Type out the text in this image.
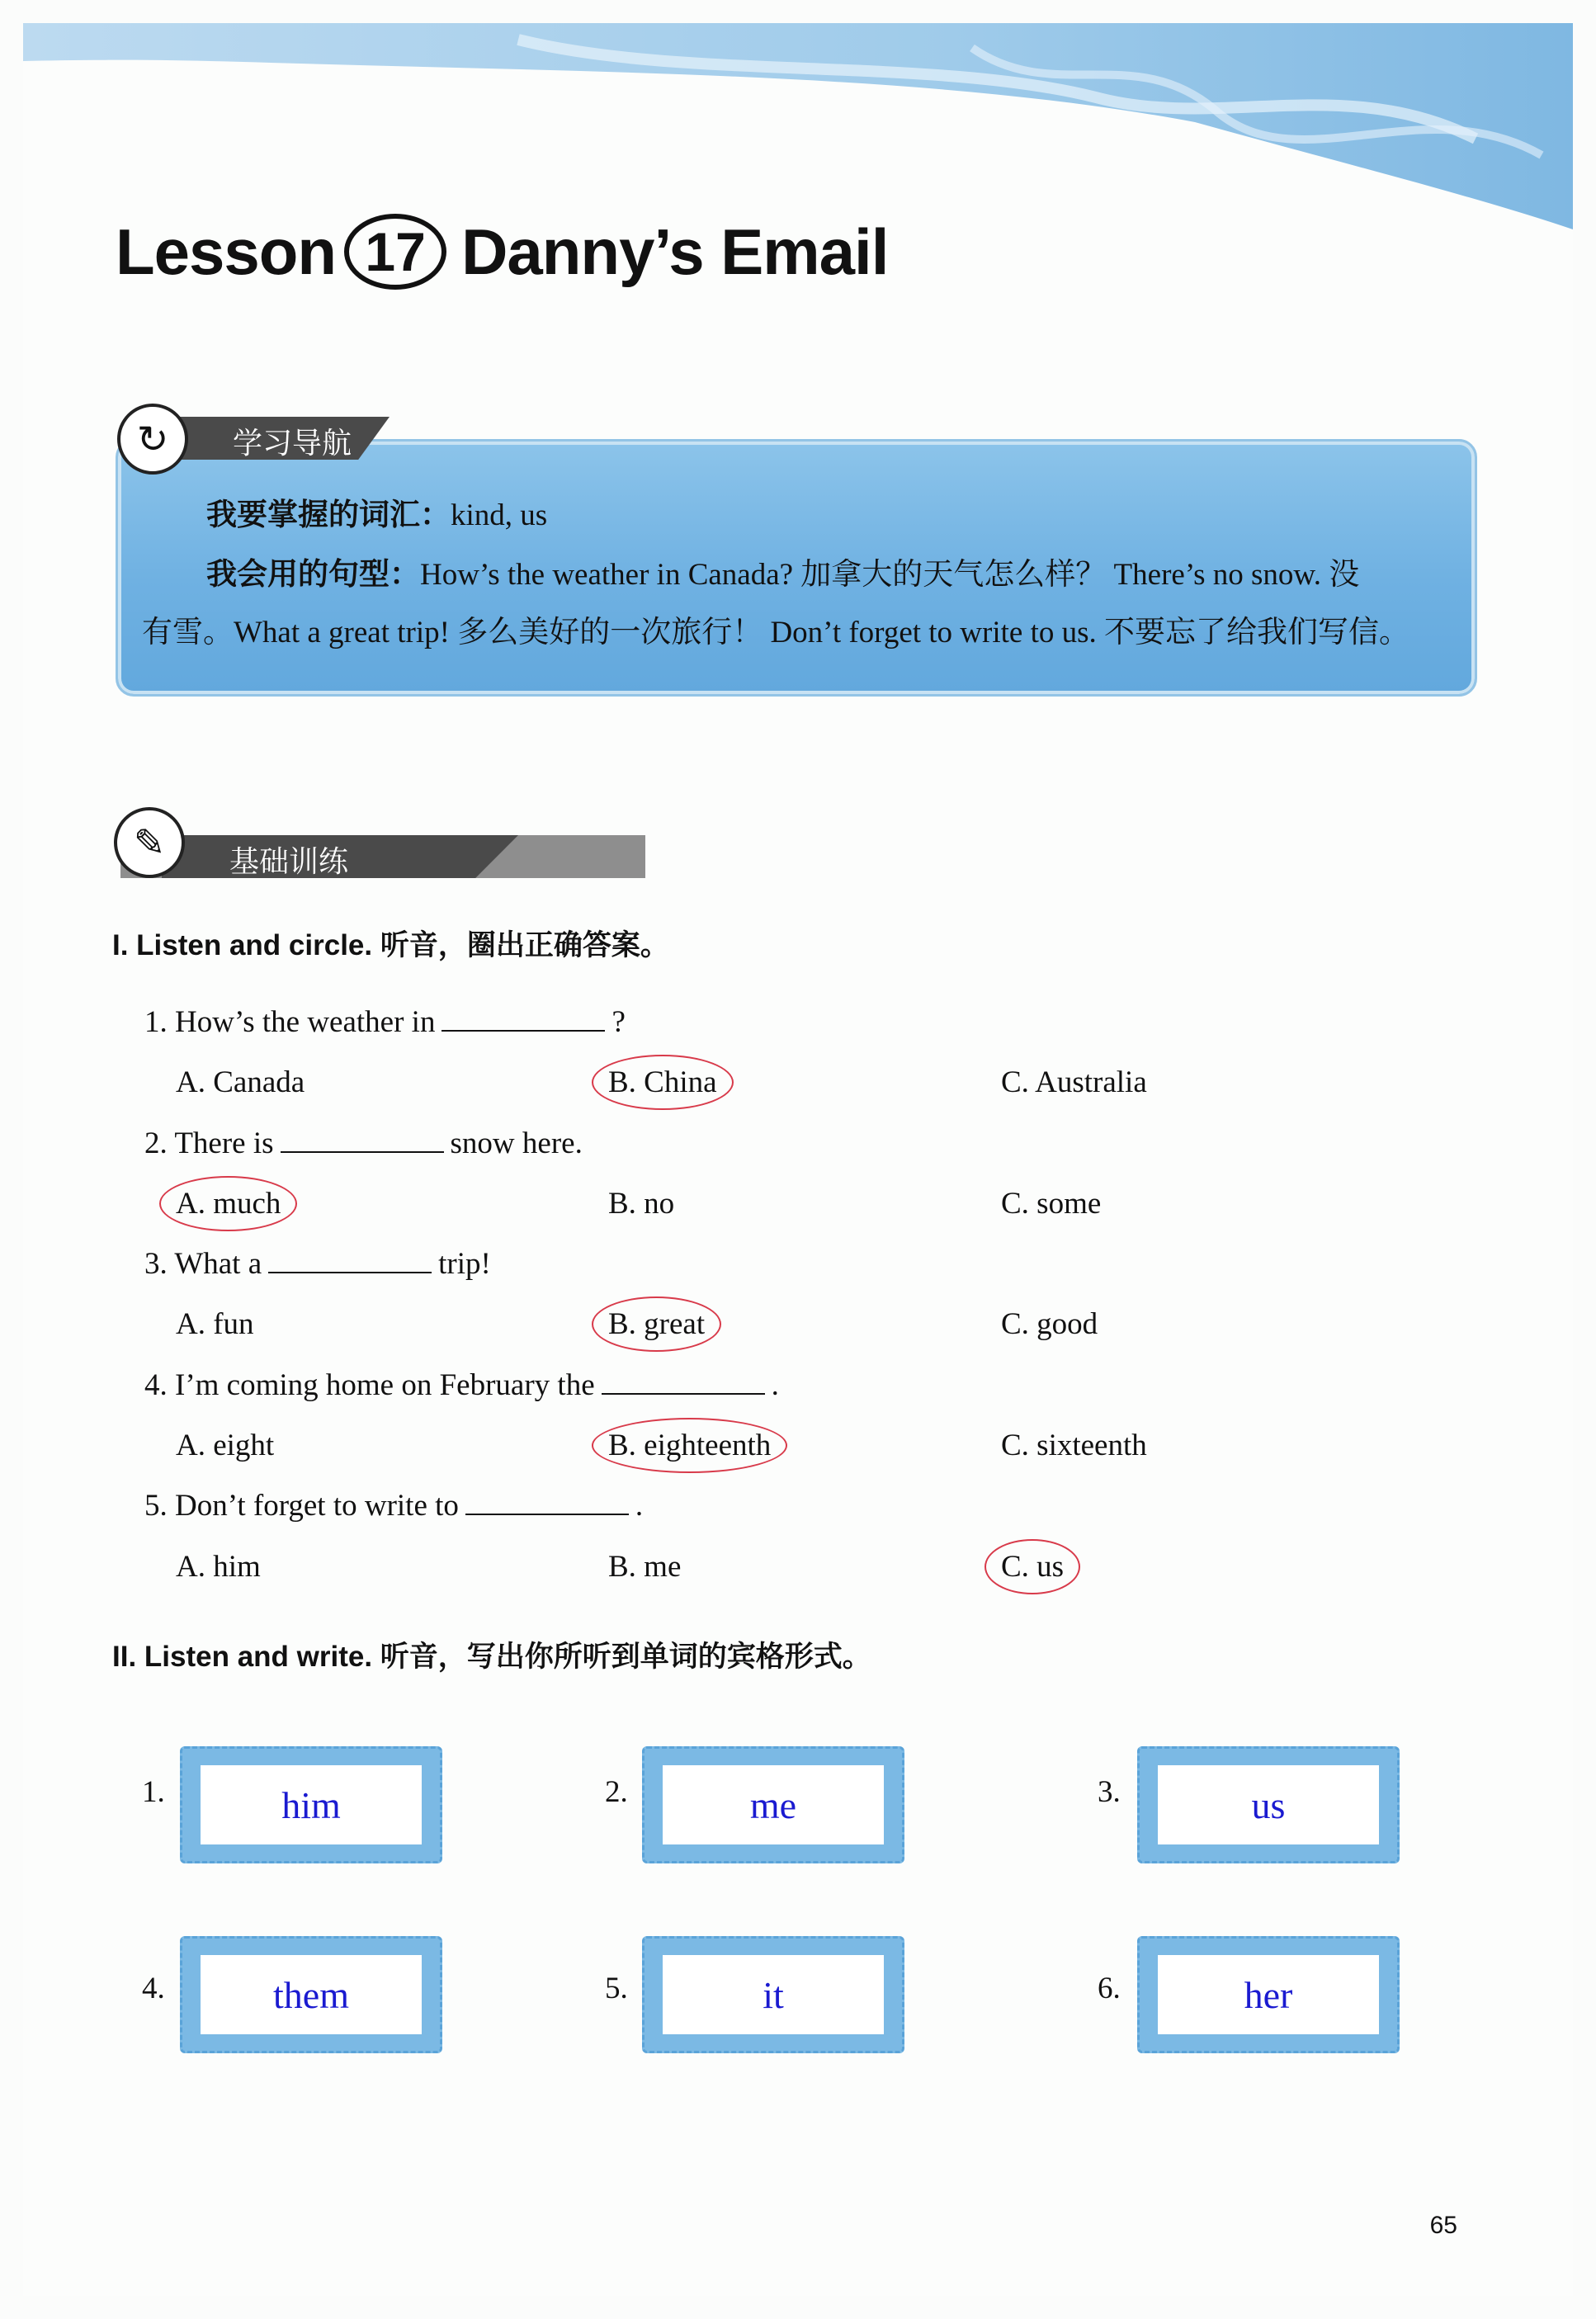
Lesson 17 Danny’s Email
↻	学习导航
我要掌握的词汇：kind, us
我会用的句型：How’s the weather in Canada? 加拿大的天气怎么样？ There’s no snow. 没
有雪。What a great trip! 多么美好的一次旅行！ Don’t forget to write to us. 不要忘了给我们写信。
✎	基础训练
I. Listen and circle. 听音，圈出正确答案。
1. How’s the weather in	?
A. Canada	B. China	C. Australia
2. There is	snow here.
A. much	B. no	C. some
3. What a	trip!
A. fun	B. great	C. good
4. I’m coming home on February the	.
A. eight	B. eighteenth	C. sixteenth
5. Don’t forget to write to	.
A. him	B. me	C. us
II. Listen and write. 听音，写出你所听到单词的宾格形式。
1.	him	2.	me	3.	us
4.	them	5.	it	6.	her
65
